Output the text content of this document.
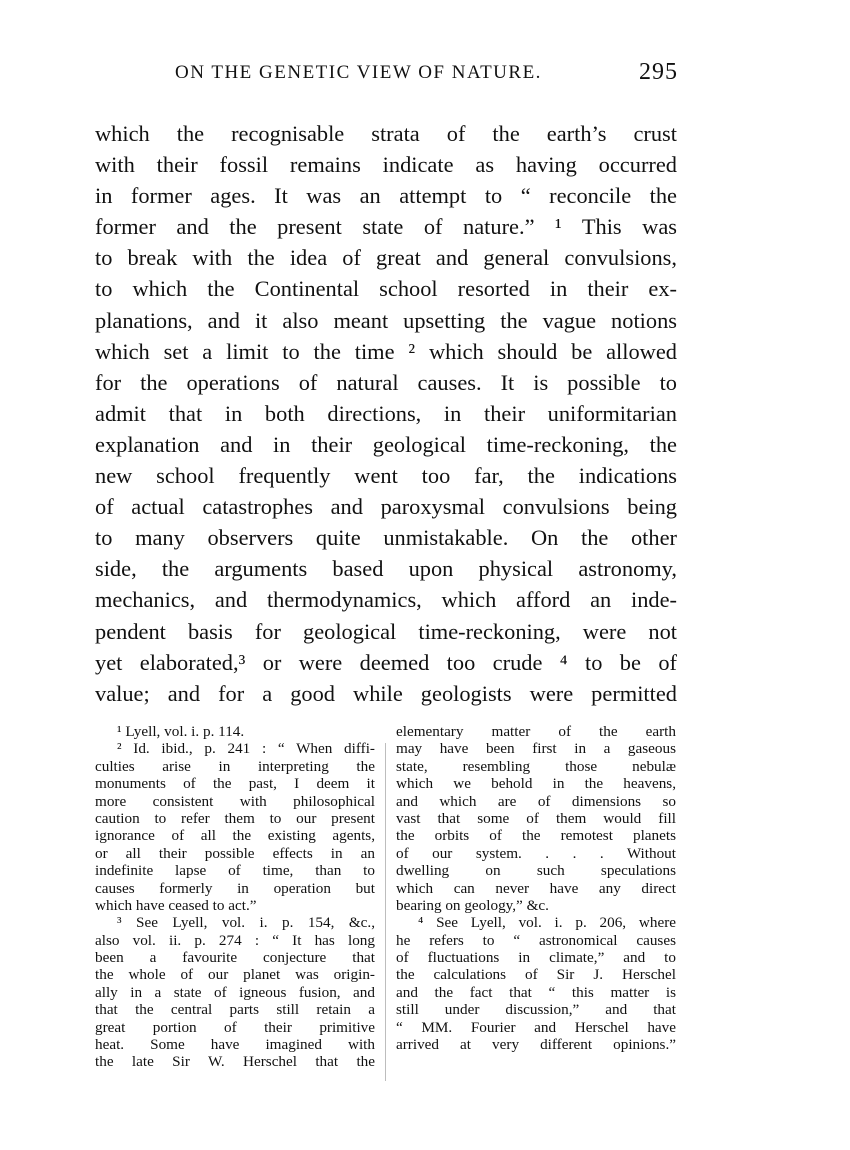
ON THE GENETIC VIEW OF NATURE.	295
which the recognisable strata of the earth’s crust
with their fossil remains indicate as having occurred
in former ages. It was an attempt to “ reconcile the
former and the present state of nature.” ¹ This was
to break with the idea of great and general convulsions,
to which the Continental school resorted in their ex-
planations, and it also meant upsetting the vague notions
which set a limit to the time ² which should be allowed
for the operations of natural causes. It is possible to
admit that in both directions, in their uniformitarian
explanation and in their geological time-reckoning, the
new school frequently went too far, the indications
of actual catastrophes and paroxysmal convulsions being
to many observers quite unmistakable. On the other
side, the arguments based upon physical astronomy,
mechanics, and thermodynamics, which afford an inde-
pendent basis for geological time-reckoning, were not
yet elaborated,³ or were deemed too crude ⁴ to be of
value; and for a good while geologists were permitted
¹ Lyell, vol. i. p. 114.
² Id. ibid., p. 241 : “ When diffi-
culties arise in interpreting the
monuments of the past, I deem it
more consistent with philosophical
caution to refer them to our present
ignorance of all the existing agents,
or all their possible effects in an
indefinite lapse of time, than to
causes formerly in operation but
which have ceased to act.”
³ See Lyell, vol. i. p. 154, &c.,
also vol. ii. p. 274 : “ It has long
been a favourite conjecture that
the whole of our planet was origin-
ally in a state of igneous fusion, and
that the central parts still retain a
great portion of their primitive
heat. Some have imagined with
the late Sir W. Herschel that the
elementary matter of the earth
may have been first in a gaseous
state, resembling those nebulæ
which we behold in the heavens,
and which are of dimensions so
vast that some of them would fill
the orbits of the remotest planets
of our system. . . . Without
dwelling on such speculations
which can never have any direct
bearing on geology,” &c.
⁴ See Lyell, vol. i. p. 206, where
he refers to “ astronomical causes
of fluctuations in climate,” and to
the calculations of Sir J. Herschel
and the fact that “ this matter is
still under discussion,” and that
“ MM. Fourier and Herschel have
arrived at very different opinions.”
